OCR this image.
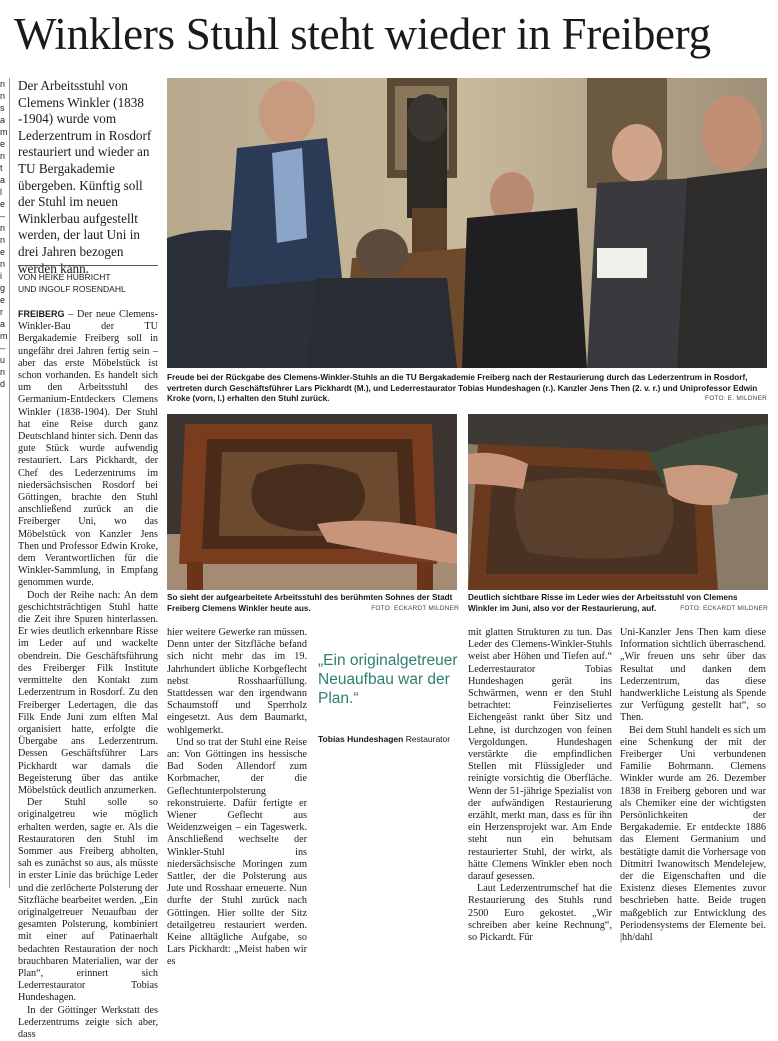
Winklers Stuhl steht wieder in Freiberg
n
n
s
a
m
e
n
t
a
l
e
–
n
n
e
n
i
g
e
r
a
m
–
u
n
d

Der Arbeitsstuhl von Clemens Winkler (1838 -1904) wurde vom Lederzentrum in Rosdorf restauriert und wieder an TU Bergakademie übergeben. Künftig soll der Stuhl im neuen Winklerbau aufgestellt werden, der laut Uni in drei Jahren bezogen werden kann.

VON HEIKE HUBRICHT
UND INGOLF ROSENDAHL
Freude bei der Rückgabe des Clemens-Winkler-Stuhls an die TU Bergakademie Freiberg nach der Restaurierung durch das Lederzentrum in Rosdorf, vertreten durch Geschäftsführer Lars Pickhardt (M.), und Lederrestaurator Tobias Hundeshagen (r.). Kanzler Jens Then (2. v. r.) und Uniprofessor Edwin Kroke (vorn, l.) erhalten den Stuhl zurück.	FOTO: E. MILDNER
So sieht der aufgearbeitete Arbeitsstuhl des berühmten Sohnes der Stadt Freiberg Clemens Winkler heute aus.	FOTO: ECKARDT MILDNER
Deutlich sichtbare Risse im Leder wies der Arbeitsstuhl von Clemens Winkler im Juni, also vor der Restaurierung, auf.	FOTO: ECKARDT MILDNER

FREIBERG – Der neue Clemens-Winkler-Bau der TU Bergakademie Freiberg soll in ungefähr drei Jahren fertig sein – aber das erste Möbelstück ist schon vorhanden. Es handelt sich um den Arbeitsstuhl des Germanium-Entdeckers Clemens Winkler (1838-1904). Der Stuhl hat eine Reise durch ganz Deutschland hinter sich. Denn das gute Stück wurde aufwendig restauriert. Lars Pickhardt, der Chef des Lederzentrums im niedersächsischen Rosdorf bei Göttingen, brachte den Stuhl anschließend zurück an die Freiberger Uni, wo das Möbelstück von Kanzler Jens Then und Professor Edwin Kroke, dem Verantwortlichen für die Winkler-Sammlung, in Empfang genommen wurde.

Doch der Reihe nach: An dem geschichtsträchtigen Stuhl hatte die Zeit ihre Spuren hinterlassen. Er wies deutlich erkennbare Risse im Leder auf und wackelte obendrein. Die Geschäftsführung des Freiberger Filk Institute vermittelte den Kontakt zum Lederzentrum in Rosdorf. Zu den Freiberger Ledertagen, die das Filk Ende Juni zum elften Mal organisiert hatte, erfolgte die Übergabe ans Lederzentrum. Dessen Geschäftsführer Lars Pickhardt war damals die Begeisterung über das antike Möbelstück deutlich anzumerken.

Der Stuhl solle so originalgetreu wie möglich erhalten werden, sagte er. Als die Restauratoren den Stuhl im Sommer aus Freiberg abholten, sah es zunächst so aus, als müsste in erster Linie das brüchige Leder und die zerlöcherte Polsterung der Sitzfläche bearbeitet werden. „Ein originalgetreuer Neuaufbau der gesamten Polsterung, kombiniert mit einer auf Patinaerhalt bedachten Restauration der noch brauchbaren Materialien, war der Plan“, erinnert sich Lederrestaurator Tobias Hundeshagen.

In der Göttinger Werkstatt des Lederzentrums zeigte sich aber, dass

hier weitere Gewerke ran müssen. Denn unter der Sitzfläche befand sich nicht mehr das im 19. Jahrhundert übliche Korbgeflecht nebst Rosshaarfüllung. Stattdessen war den irgendwann Schaumstoff und Sperrholz eingesetzt. Aus dem Baumarkt, wohlgemerkt.

Und so trat der Stuhl eine Reise an: Von Göttingen ins hessische Bad Soden Allendorf zum Korbmacher, der die Geflechtunterpolsterung rekonstruierte. Dafür fertigte er Wiener Geflecht aus Weidenzweigen – ein Tageswerk. Anschließend wechselte der Winkler-Stuhl ins niedersächsische Moringen zum Sattler, der die Polsterung aus Jute und Rosshaar erneuerte. Nun durfte der Stuhl zurück nach Göttingen. Hier sollte der Sitz detailgetreu restauriert werden. Keine alltägliche Aufgabe, so Lars Pickhardt: „Meist haben wir es

„Ein originalgetreuer Neuaufbau war der Plan.“
Tobias Hundeshagen Restaurator

mit glatten Strukturen zu tun. Das Leder des Clemens-Winkler-Stuhls weist aber Höhen und Tiefen auf.“ Lederrestaurator Tobias Hundeshagen gerät ins Schwärmen, wenn er den Stuhl betrachtet: Feinziseliertes Eichengeäst rankt über Sitz und Lehne, ist durchzogen von feinen Vergoldungen. Hundeshagen verstärkte die empfindlichen Stellen mit Flüssigleder und reinigte vorsichtig die Oberfläche. Wenn der 51-jährige Spezialist von der aufwändigen Restaurierung erzählt, merkt man, dass es für ihn ein Herzensprojekt war. Am Ende steht nun ein behutsam restaurierter Stuhl, der wirkt, als hätte Clemens Winkler eben noch darauf gesessen.

Laut Lederzentrumschef hat die Restaurierung des Stuhls rund 2500 Euro gekostet. „Wir schreiben aber keine Rechnung“, so Pickardt. Für

Uni-Kanzler Jens Then kam diese Information sichtlich überraschend. „Wir freuen uns sehr über das Resultat und danken dem Lederzentrum, das diese handwerkliche Leistung als Spende zur Verfügung gestellt hat“, so Then.

Bei dem Stuhl handelt es sich um eine Schenkung der mit der Freiberger Uni verbundenen Familie Bohrmann. Clemens Winkler wurde am 26. Dezember 1838 in Freiberg geboren und war als Chemiker eine der wichtigsten Persönlichkeiten der Bergakademie. Er entdeckte 1886 das Element Germanium und bestätigte damit die Vorhersage von Ditmitri Iwanowitsch Mendelejew, der die Eigenschaften und die Existenz dieses Elementes zuvor beschrieben hatte. Beide trugen maßgeblich zur Entwicklung des Periodensystems der Elemente bei. |hh/dahl
